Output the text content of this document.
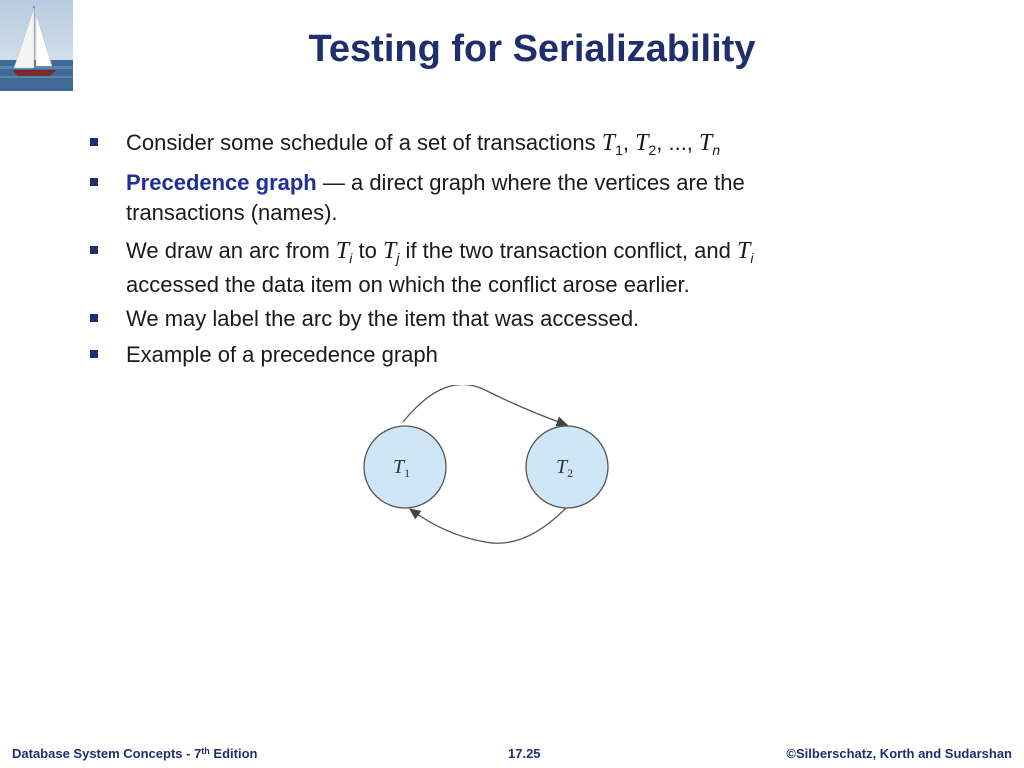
Testing for Serializability
Consider some schedule of a set of transactions $T_1$, $T_2$, ..., $T_n$
Precedence graph — a direct graph where the vertices are the transactions (names).
We draw an arc from $T_i$ to $T_j$ if the two transaction conflict, and $T_i$ accessed the data item on which the conflict arose earlier.
We may label the arc by the item that was accessed.
Example of a precedence graph
$T_1$	$T_2$
Database System Concepts - 7th Edition	17.25	©Silberschatz, Korth and Sudarshan
